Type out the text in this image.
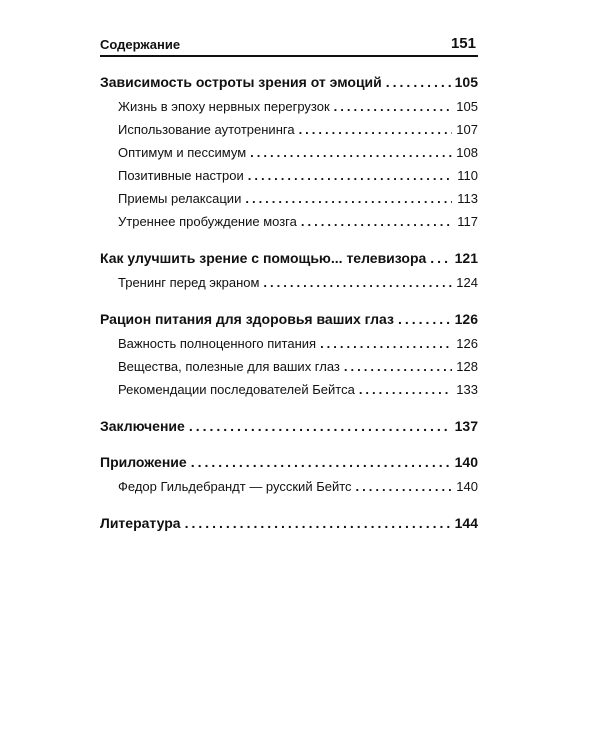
Содержание	151
Зависимость остроты зрения от эмоций .....	105
Жизнь в эпоху нервных перегрузок .....	105
Использование аутотренинга .....	107
Оптимум и пессимум .....	108
Позитивные настрои .....	110
Приемы релаксации .....	113
Утреннее пробуждение мозга .....	117
Как улучшить зрение с помощью... телевизора ..... 121
Тренинг перед экраном .....	124
Рацион питания для здоровья ваших глаз .....	126
Важность полноценного питания .....	126
Вещества, полезные для ваших глаз .....	128
Рекомендации последователей Бейтса .....	133
Заключение .....	137
Приложение .....	140
Федор Гильдебрандт — русский Бейтс .....	140
Литература .....	144
